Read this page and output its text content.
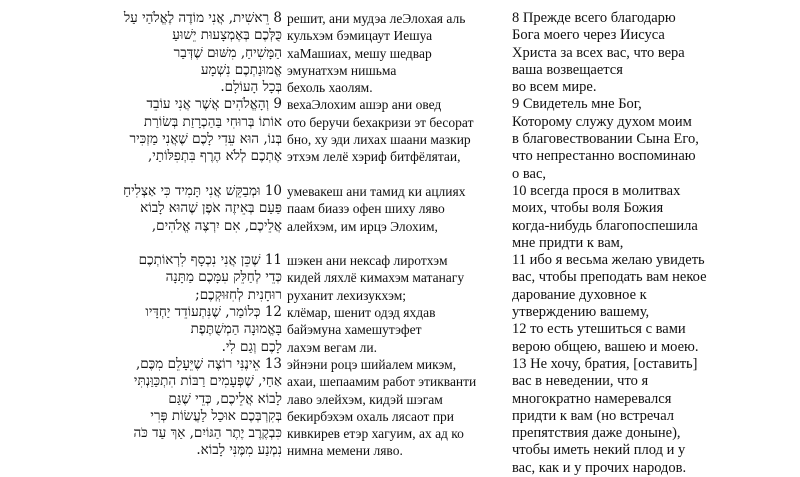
8 רֵאשִׁית, אֲנִי מוֹדֶה לֶאֱלֹהַי עַל
כֻּלְּכֶם בְּאֶמְצָעוּת יֵשׁוּעַ
הַמָּשִׁיחַ, מִשּׁוּם שֶׁדְּבַר
אֱמוּנַתְכֶם נִשְׁמָע
בְּכָל הָעוֹלָם.
9 וְהָאֱלֹהִים אֲשֶׁר אֲנִי עוֹבֵד
אוֹתוֹ בְּרוּחִי בַּהַכְרָזַת בְּשׂוֹרַת
בְּנוֹ, הוּא עֵדִי לָכֶם שֶׁאֲנִי מַזְכִּיר
אֶתְכֶם לְלֹא הֶרֶף בִּתְפִלּוֹתַי,
10 וּמְבַקֵּשׁ אֲנִי תָּמִיד כִּי אַצְלִיחַ
פַּעַם בְּאֵיזֶה אֹפֶן שֶׁהוּא לָבוֹא
אֲלֵיכֶם, אִם יִרְצֶה אֱלֹהִים,
11 שֶׁכֵּן אֲנִי נִכְסָף לִרְאוֹתְכֶם
כְּדֵי לְחַלֵּק עִמָּכֶם מַתָּנָה
רוּחָנִית לְחִזּוּקְכֶם;
12 כְּלוֹמַר, שֶׁנִּתְעוֹדֵד יַחְדָּיו
בָּאֱמוּנָה הַמְשֻׁתֶּפֶת
לָכֶם וְגַם לִי.
13 אֵינֶנִּי רוֹצֶה שֶׁיֵּעָלֵם מִכֶּם,
אַחַי, שֶׁפְּעָמִים רַבּוֹת הִתְכַּוַּנְתִּי
לָבוֹא אֲלֵיכֶם, כְּדֵי שֶׁגַּם
בְּקִרְבְּכֶם אוּכַל לַעֲשׂוֹת פְּרִי
כִּבְקֶרֶב יֶתֶר הַגּוֹיִם, אַךְ עַד כֹּה
נִמְנַע מִמֶּנִּי לָבוֹא.
решит, ани мудэа леЭлохая аль
кульхэм бэмицаут Иешуа
хаМашиах, мешу шедвар
эмунатхэм нишьма
бехоль хаолям.
вехаЭлохим ашэр ани овед
ото беручи бехакризи эт бесорат
бно, ху эди лихах шаани мазкир
этхэм лелё хэриф битфёлятаи,
умевакеш ани тамид ки ацлиях
паам биазэ офен шиху ляво
алейхэм, им ирцэ Элохим,
шэкен ани нексаф лиротхэм
кидей ляхлё кимахэм матанагу
руханит лехизукхэм;
клёмар, шенит одэд яхдав
байэмуна хамешутэфет
лахэм вегам ли.
эйнэни роцэ шийалем микэм,
ахаи, шепаамим работ этикванти
лаво элейхэм, кидэй шэгам
бекирбэхэм охаль лясаот при
кивкирев етэр хагуим, ах ад ко
нимна мемени ляво.
8 Прежде всего благодарю
Бога моего через Иисуса
Христа за всех вас, что вера
ваша возвещается
во всем мире.
9 Свидетель мне Бог,
Которому служу духом моим
в благовествовании Сына Его,
что непрестанно воспоминаю
о вас,
10 всегда прося в молитвах
моих, чтобы воля Божия
когда-нибудь благопоспешила
мне придти к вам,
11 ибо я весьма желаю увидеть
вас, чтобы преподать вам некое
дарование духовное к
утверждению вашему,
12 то есть утешиться с вами
верою общею, вашею и моею.
13 Не хочу, братия, [оставить]
вас в неведении, что я
многократно намеревался
придти к вам (но встречал
препятствия даже доныне),
чтобы иметь некий плод и у
вас, как и у прочих народов.
